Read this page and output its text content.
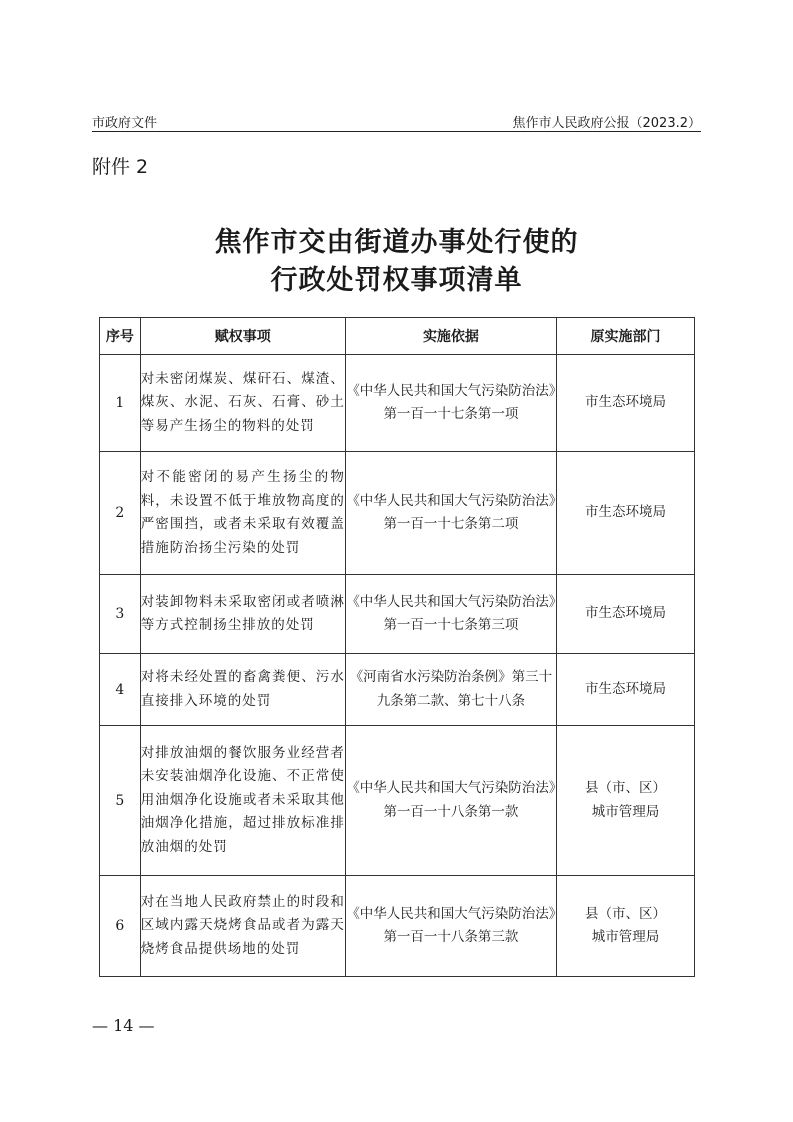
市政府文件	焦作市人民政府公报（2023.2）
附件 2
焦作市交由街道办事处行使的
行政处罚权事项清单
序号	赋权事项	实施依据	原实施部门
1	对未密闭煤炭、煤矸石、煤渣、煤灰、水泥、石灰、石膏、砂土等易产生扬尘的物料的处罚	《中华人民共和国大气污染防治法》第一百一十七条第一项	市生态环境局
2	对不能密闭的易产生扬尘的物料，未设置不低于堆放物高度的严密围挡，或者未采取有效覆盖措施防治扬尘污染的处罚	《中华人民共和国大气污染防治法》第一百一十七条第二项	市生态环境局
3	对装卸物料未采取密闭或者喷淋等方式控制扬尘排放的处罚	《中华人民共和国大气污染防治法》第一百一十七条第三项	市生态环境局
4	对将未经处置的畜禽粪便、污水直接排入环境的处罚	《河南省水污染防治条例》第三十九条第二款、第七十八条	市生态环境局
5	对排放油烟的餐饮服务业经营者未安装油烟净化设施、不正常使用油烟净化设施或者未采取其他油烟净化措施，超过排放标准排放油烟的处罚	《中华人民共和国大气污染防治法》第一百一十八条第一款	县（市、区）
城市管理局

6	对在当地人民政府禁止的时段和区域内露天烧烤食品或者为露天烧烤食品提供场地的处罚	《中华人民共和国大气污染防治法》第一百一十八条第三款	县（市、区）
城市管理局
— 14 —
